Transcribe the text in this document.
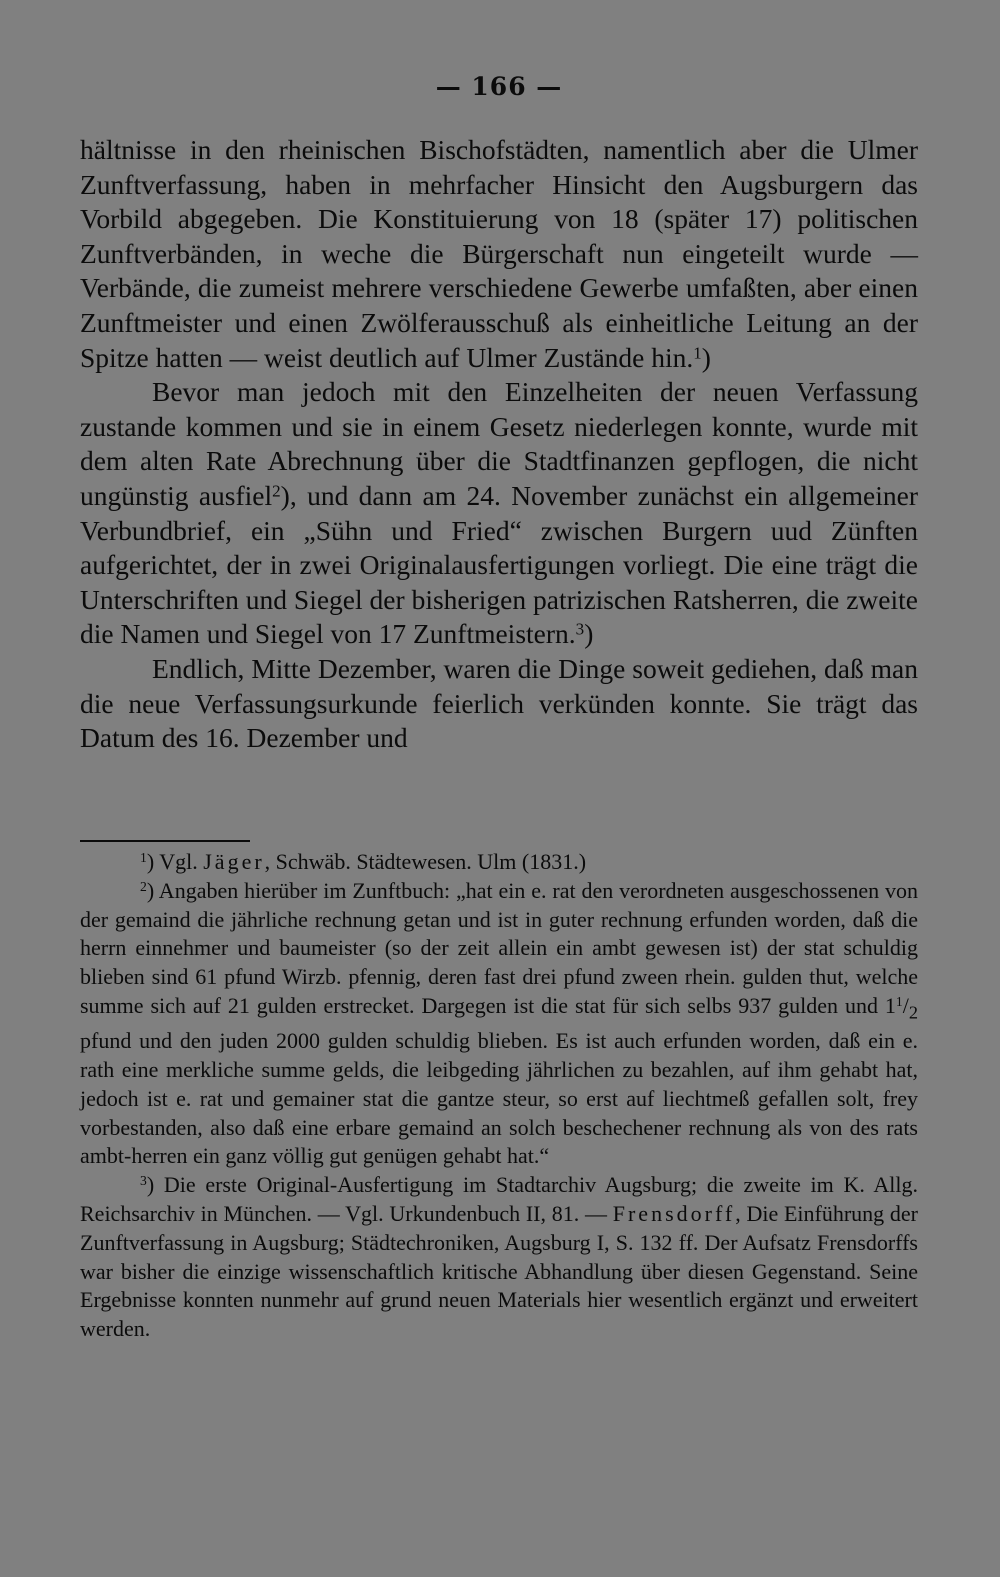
— 166 —

hältnisse in den rheinischen Bischofstädten, namentlich aber die Ulmer Zunftverfassung, haben in mehrfacher Hinsicht den Augsburgern das Vorbild abgegeben. Die Konstituierung von 18 (später 17) politischen Zunftverbänden, in weche die Bürgerschaft nun eingeteilt wurde — Verbände, die zumeist mehrere verschiedene Gewerbe umfaßten, aber einen Zunftmeister und einen Zwölferausschuß als einheitliche Leitung an der Spitze hatten — weist deutlich auf Ulmer Zustände hin.$^1$)

Bevor man jedoch mit den Einzelheiten der neuen Verfassung zustande kommen und sie in einem Gesetz niederlegen konnte, wurde mit dem alten Rate Abrechnung über die Stadtfinanzen gepflogen, die nicht ungünstig ausfiel$^2$), und dann am 24. November zunächst ein allgemeiner Verbundbrief, ein „Sühn und Fried“ zwischen Burgern uud Zünften aufgerichtet, der in zwei Originalausfertigungen vorliegt. Die eine trägt die Unterschriften und Siegel der bisherigen patrizischen Ratsherren, die zweite die Namen und Siegel von 17 Zunftmeistern.$^3$)

Endlich, Mitte Dezember, waren die Dinge soweit gediehen, daß man die neue Verfassungsurkunde feierlich verkünden konnte. Sie trägt das Datum des 16. Dezember und

$^1$) Vgl. Jäger, Schwäb. Städtewesen. Ulm (1831.)

$^2$) Angaben hierüber im Zunftbuch: „hat ein e. rat den verordneten ausgeschossenen von der gemaind die jährliche rechnung getan und ist in guter rechnung erfunden worden, daß die herrn einnehmer und baumeister (so der zeit allein ein ambt gewesen ist) der stat schuldig blieben sind 61 pfund Wirzb. pfennig, deren fast drei pfund zween rhein. gulden thut, welche summe sich auf 21 gulden erstrecket. Dargegen ist die stat für sich selbs 937 gulden und $1^1/_2$ pfund und den juden 2000 gulden schuldig blieben. Es ist auch erfunden worden, daß ein e. rath eine merkliche summe gelds, die leibgeding jährlichen zu bezahlen, auf ihm gehabt hat, jedoch ist e. rat und gemainer stat die gantze steur, so erst auf liechtmeß gefallen solt, frey vorbestanden, also daß eine erbare gemaind an solch beschechener rechnung als von des rats ambt-herren ein ganz völlig gut genügen gehabt hat.“

$^3$) Die erste Original-Ausfertigung im Stadtarchiv Augsburg; die zweite im K. Allg. Reichsarchiv in München. — Vgl. Urkundenbuch II, 81. — Frensdorff, Die Einführung der Zunftverfassung in Augsburg; Städtechroniken, Augsburg I, S. 132 ff. Der Aufsatz Frensdorffs war bisher die einzige wissenschaftlich kritische Abhandlung über diesen Gegenstand. Seine Ergebnisse konnten nunmehr auf grund neuen Materials hier wesentlich ergänzt und erweitert werden.
